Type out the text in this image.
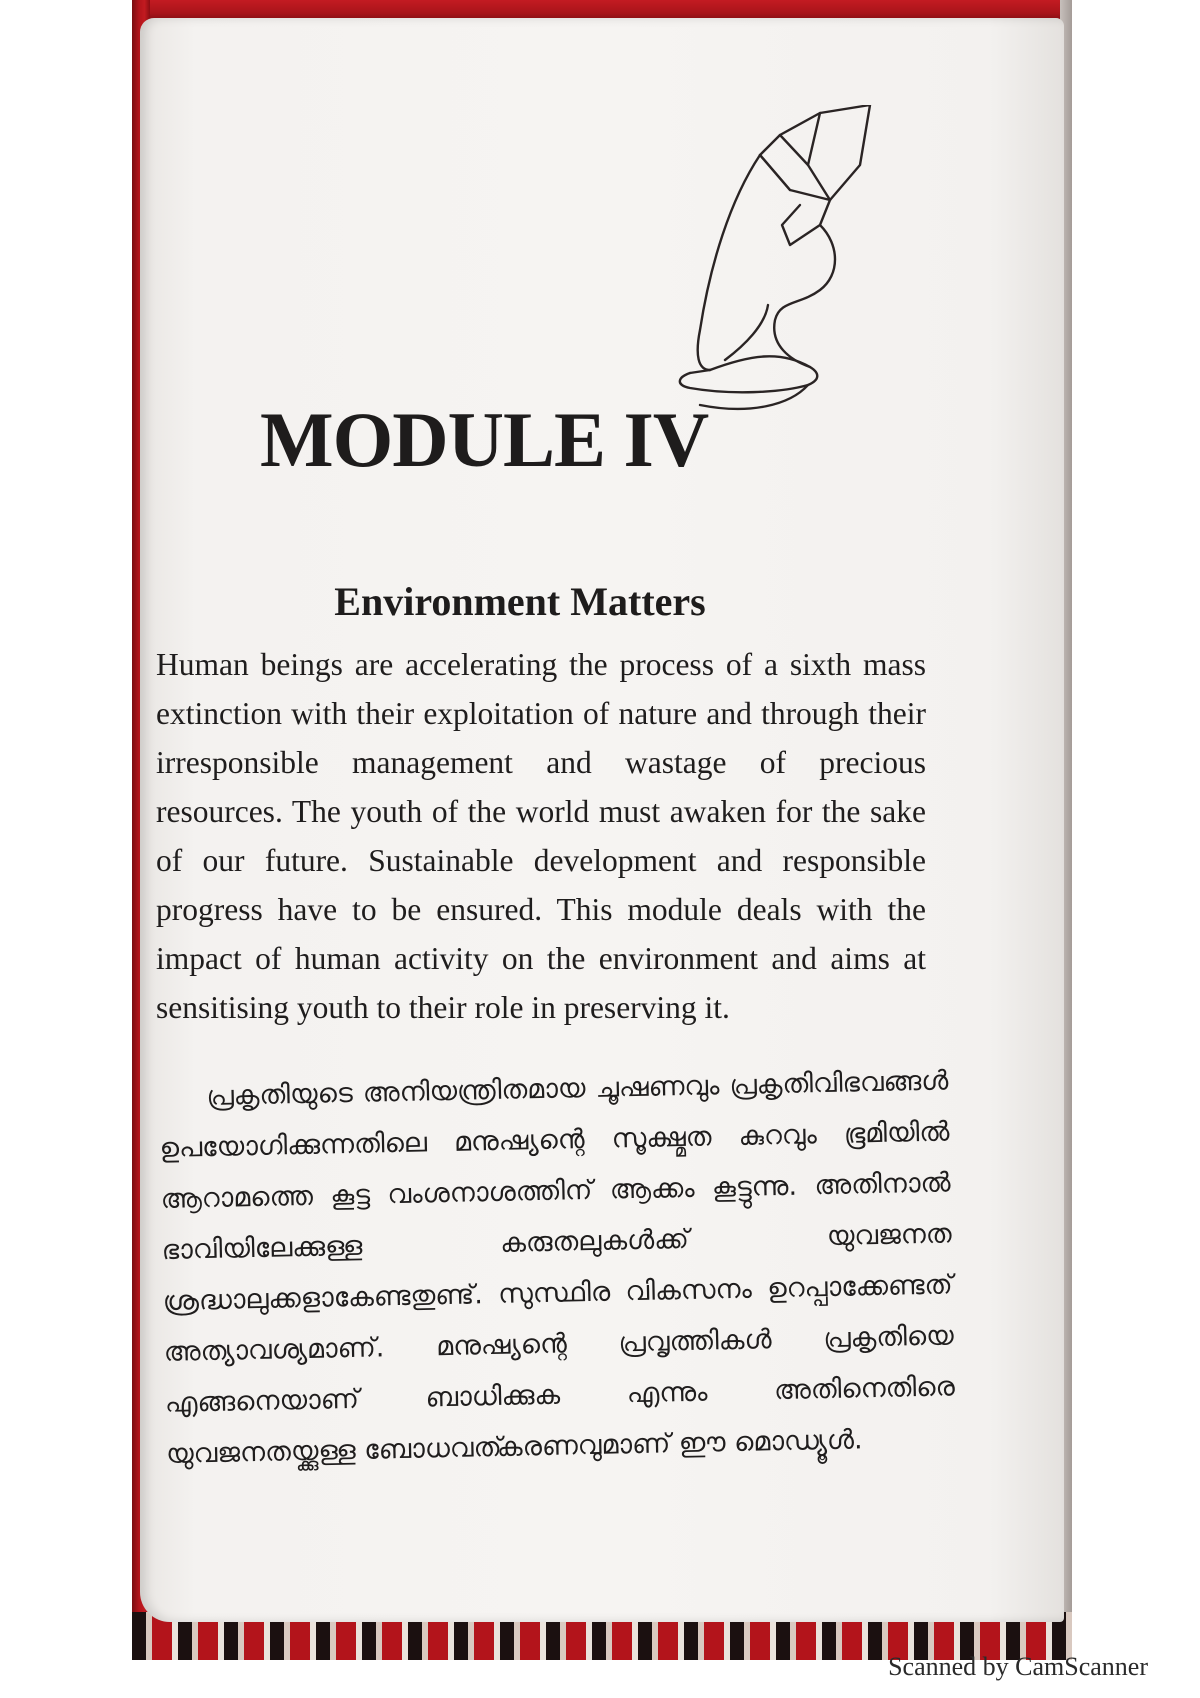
MODULE IV
Environment Matters
Human beings are accelerating the process of a sixth mass extinction with their exploitation of nature and through their irresponsible management and wastage of precious resources. The youth of the world must awaken for the sake of our future. Sustainable development and responsible progress have to be ensured. This module deals with the impact of human activity on the environment and aims at sensitising youth to their role in preserving it.
പ്രകൃതിയുടെ അനിയന്ത്രിതമായ ചൂഷണവും പ്രകൃതിവിഭവങ്ങൾ ഉപയോഗിക്കുന്നതിലെ മനുഷ്യന്റെ സൂക്ഷ്മത കുറവും ഭൂമിയിൽ ആറാമത്തെ കൂട്ട വംശനാശത്തിന് ആക്കം കൂട്ടുന്നു. അതിനാൽ ഭാവിയിലേക്കുള്ള കരുതലുകൾക്ക് യുവജനത ശ്രദ്ധാലുക്കളാകേണ്ടതുണ്ട്. സുസ്ഥിര വികസനം ഉറപ്പാക്കേണ്ടത് അത്യാവശ്യമാണ്. മനുഷ്യന്റെ പ്രവൃത്തികൾ പ്രകൃതിയെ എങ്ങനെയാണ് ബാധിക്കുക എന്നും അതിനെതിരെ യുവജനതയ്ക്കുള്ള ബോധവത്കരണവുമാണ് ഈ മൊഡ്യൂൾ.
Scanned by CamScanner
